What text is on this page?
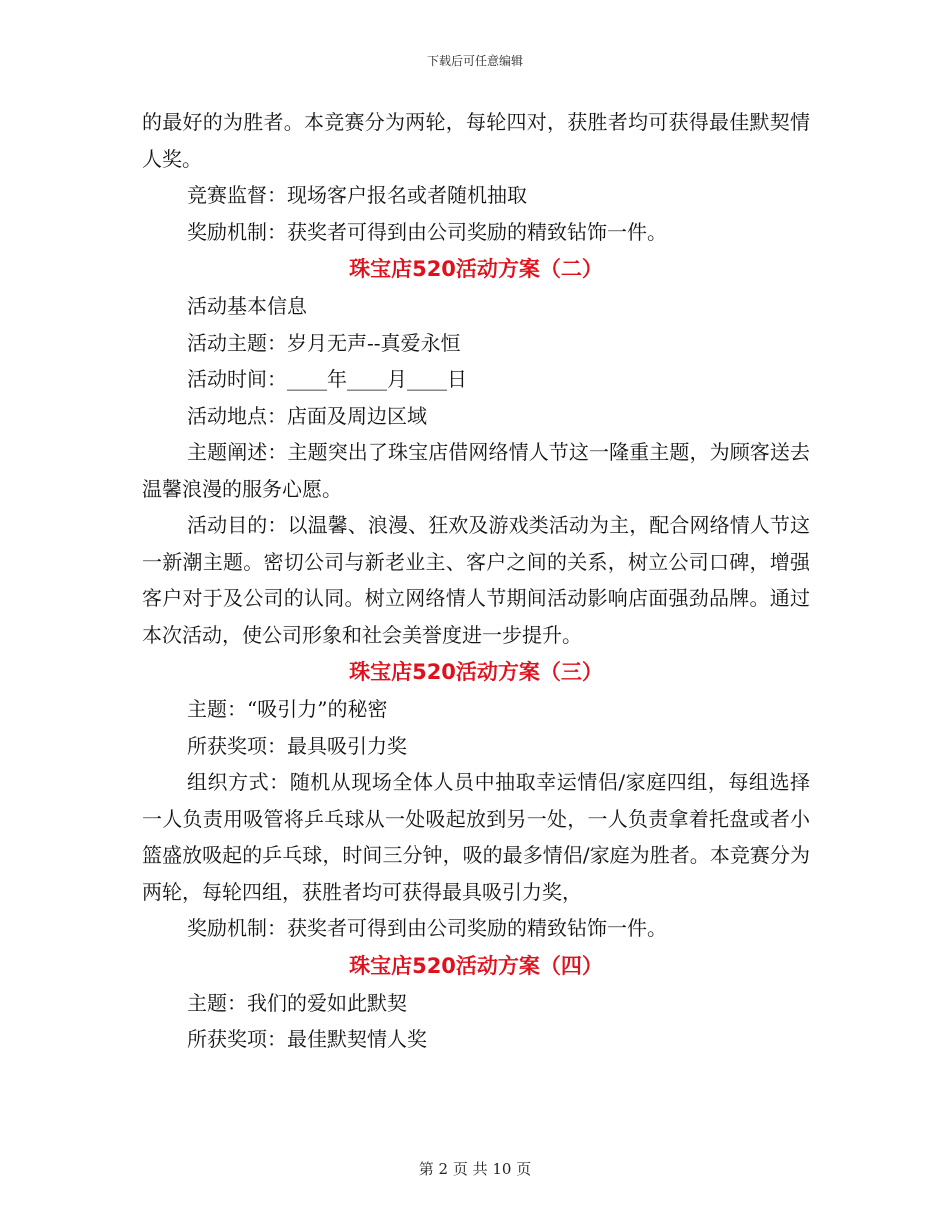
下载后可任意编辑

的最好的为胜者。本竞赛分为两轮，每轮四对，获胜者均可获得最佳默契情人奖。

竞赛监督：现场客户报名或者随机抽取

奖励机制：获奖者可得到由公司奖励的精致钻饰一件。

珠宝店520活动方案（二）

活动基本信息

活动主题：岁月无声--真爱永恒

活动时间：____年____月____日

活动地点：店面及周边区域

主题阐述：主题突出了珠宝店借网络情人节这一隆重主题，为顾客送去温馨浪漫的服务心愿。

活动目的：以温馨、浪漫、狂欢及游戏类活动为主，配合网络情人节这一新潮主题。密切公司与新老业主、客户之间的关系，树立公司口碑，增强客户对于及公司的认同。树立网络情人节期间活动影响店面强劲品牌。通过本次活动，使公司形象和社会美誉度进一步提升。

珠宝店520活动方案（三）

主题：“吸引力”的秘密

所获奖项：最具吸引力奖

组织方式：随机从现场全体人员中抽取幸运情侣/家庭四组，每组选择一人负责用吸管将乒乓球从一处吸起放到另一处，一人负责拿着托盘或者小篮盛放吸起的乒乓球，时间三分钟，吸的最多情侣/家庭为胜者。本竞赛分为两轮，每轮四组，获胜者均可获得最具吸引力奖，

奖励机制：获奖者可得到由公司奖励的精致钻饰一件。

珠宝店520活动方案（四）

主题：我们的爱如此默契

所获奖项：最佳默契情人奖

第 2 页 共 10 页
